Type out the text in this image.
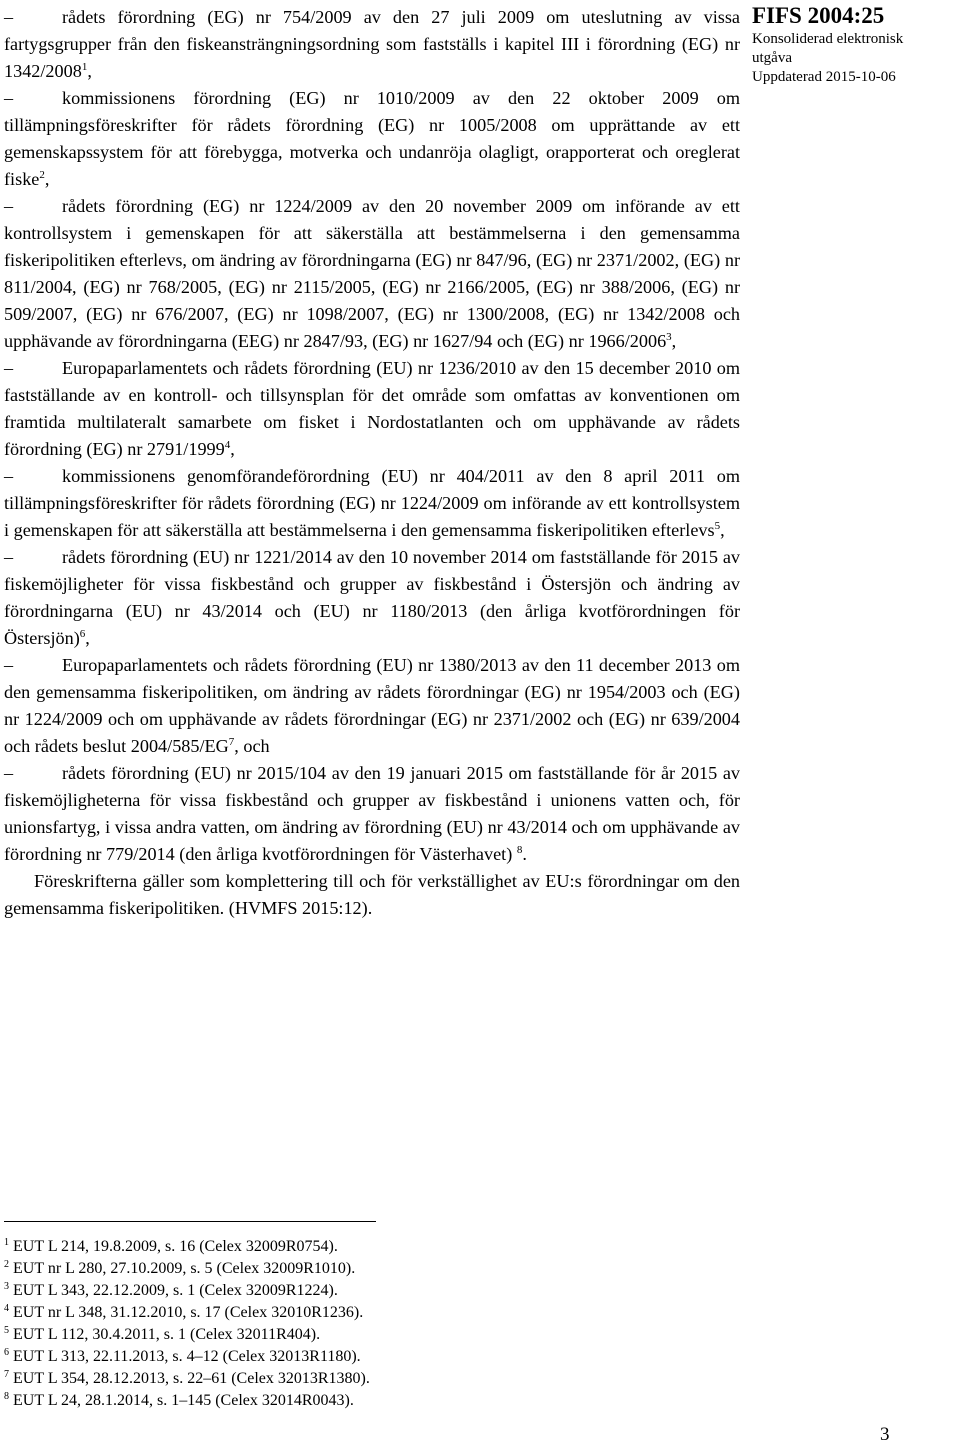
–	rådets förordning (EG) nr 754/2009 av den 27 juli 2009 om uteslutning av vissa fartygsgrupper från den fiskeansträngningsordning som fastställs i kapitel III i förordning (EG) nr 1342/2008$^1$,

–	kommissionens förordning (EG) nr 1010/2009 av den 22 oktober 2009 om tillämpningsföreskrifter för rådets förordning (EG) nr 1005/2008 om upprättande av ett gemenskapssystem för att förebygga, motverka och undanröja olagligt, orapporterat och oreglerat fiske$^2$,

–	rådets förordning (EG) nr 1224/2009 av den 20 november 2009 om införande av ett kontrollsystem i gemenskapen för att säkerställa att bestämmelserna i den gemensamma fiskeripolitiken efterlevs, om ändring av förordningarna (EG) nr 847/96, (EG) nr 2371/2002, (EG) nr 811/2004, (EG) nr 768/2005, (EG) nr 2115/2005, (EG) nr 2166/2005, (EG) nr 388/2006, (EG) nr 509/2007, (EG) nr 676/2007, (EG) nr 1098/2007, (EG) nr 1300/2008, (EG) nr 1342/2008 och upphävande av förordningarna (EEG) nr 2847/93, (EG) nr 1627/94 och (EG) nr 1966/2006$^3$,

–	Europaparlamentets och rådets förordning (EU) nr 1236/2010 av den 15 december 2010 om fastställande av en kontroll- och tillsynsplan för det område som omfattas av konventionen om framtida multilateralt samarbete om fisket i Nordostatlanten och om upphävande av rådets förordning (EG) nr 2791/1999$^4$,

–	kommissionens genomförandeförordning (EU) nr 404/2011 av den 8 april 2011 om tillämpningsföreskrifter för rådets förordning (EG) nr 1224/2009 om införande av ett kontrollsystem i gemenskapen för att säkerställa att bestämmelserna i den gemensamma fiskeripolitiken efterlevs$^5$,

–	rådets förordning (EU) nr 1221/2014 av den 10 november 2014 om fastställande för 2015 av fiskemöjligheter för vissa fiskbestånd och grupper av fiskbestånd i Östersjön och ändring av förordningarna (EU) nr 43/2014 och (EU) nr 1180/2013 (den årliga kvotförordningen för Östersjön)$^6$,

–	Europaparlamentets och rådets förordning (EU) nr 1380/2013 av den 11 december 2013 om den gemensamma fiskeripolitiken, om ändring av rådets förordningar (EG) nr 1954/2003 och (EG) nr 1224/2009 och om upphävande av rådets förordningar (EG) nr 2371/2002 och (EG) nr 639/2004 och rådets beslut $2004/585/EG^7$, och

–	rådets förordning (EU) nr 2015/104 av den 19 januari 2015 om fastställande för år 2015 av fiskemöjligheterna för vissa fiskbestånd och grupper av fiskbestånd i unionens vatten och, för unionsfartyg, i vissa andra vatten, om ändring av förordning (EU) nr 43/2014 och om upphävande av förordning nr 779/2014 (den årliga kvotförordningen för Västerhavet) $^8$.

Föreskrifterna gäller som komplettering till och för verkställighet av EU:s förordningar om den gemensamma fiskeripolitiken. (HVMFS 2015:12).

FIFS 2004:25
Konsoliderad elektronisk
utgåva
Uppdaterad 2015-10-06
$^1$ EUT L 214, 19.8.2009, s. 16 (Celex 32009R0754).
$^2$ EUT nr L 280, 27.10.2009, s. 5 (Celex 32009R1010).
$^3$ EUT L 343, 22.12.2009, s. 1 (Celex 32009R1224).
$^4$ EUT nr L 348, 31.12.2010, s. 17 (Celex 32010R1236).
$^5$ EUT L 112, 30.4.2011, s. 1 (Celex 32011R404).
$^6$ EUT L 313, 22.11.2013, s. 4–12 (Celex 32013R1180).
$^7$ EUT L 354, 28.12.2013, s. 22–61 (Celex 32013R1380).
$^8$ EUT L 24, 28.1.2014, s. 1–145 (Celex 32014R0043).
3
